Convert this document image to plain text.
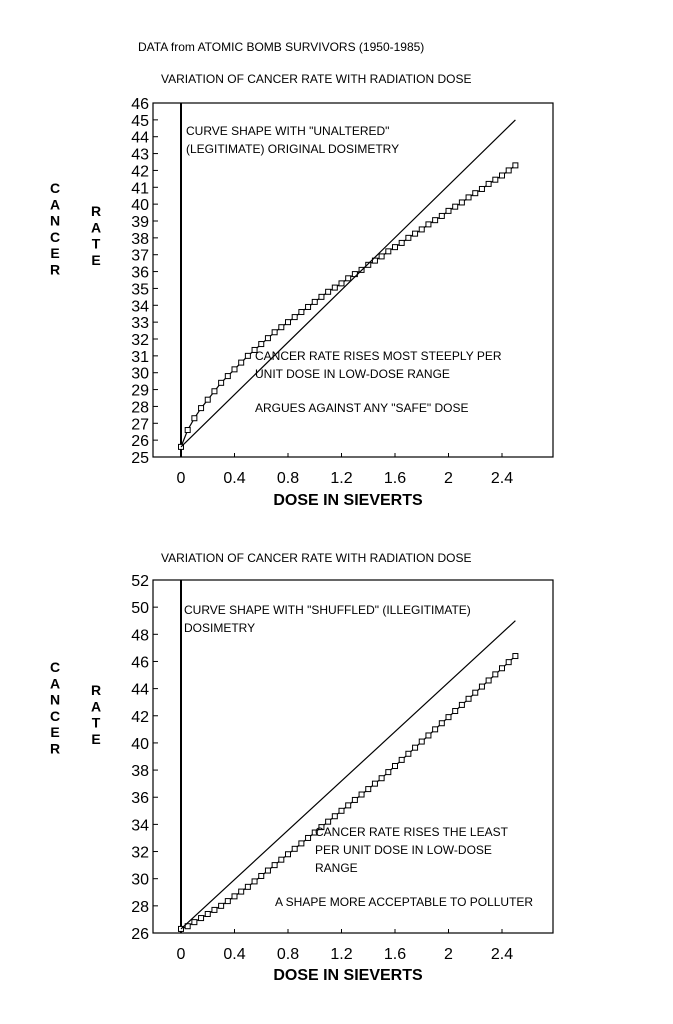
DATA from ATOMIC BOMB SURVIVORS (1950-1985)
VARIATION OF CANCER RATE WITH RADIATION DOSE
VARIATION OF CANCER RATE WITH RADIATION DOSE
25
26
27
28
29
30
31
32
33
34
35
36
37
38
39
40
41
42
43
44
45
46
0 0.4 0.8 1.2 1.6 2 2.4
DOSE IN SIEVERTS
C
A
N
C
E
R
R
A
T
E
CURVE SHAPE WITH "UNALTERED"
(LEGITIMATE) ORIGINAL DOSIMETRY
CANCER RATE RISES MOST STEEPLY PER
UNIT DOSE IN LOW-DOSE RANGE
ARGUES AGAINST ANY "SAFE" DOSE
26
28
30
32
34
36
38
40
42
44
46
48
50
52
0 0.4 0.8 1.2 1.6 2 2.4
DOSE IN SIEVERTS
C
A
N
C
E
R
R
A
T
E
CURVE SHAPE WITH "SHUFFLED" (ILLEGITIMATE)
DOSIMETRY
CANCER RATE RISES THE LEAST
PER UNIT DOSE IN LOW-DOSE
RANGE
A SHAPE MORE ACCEPTABLE TO POLLUTER
